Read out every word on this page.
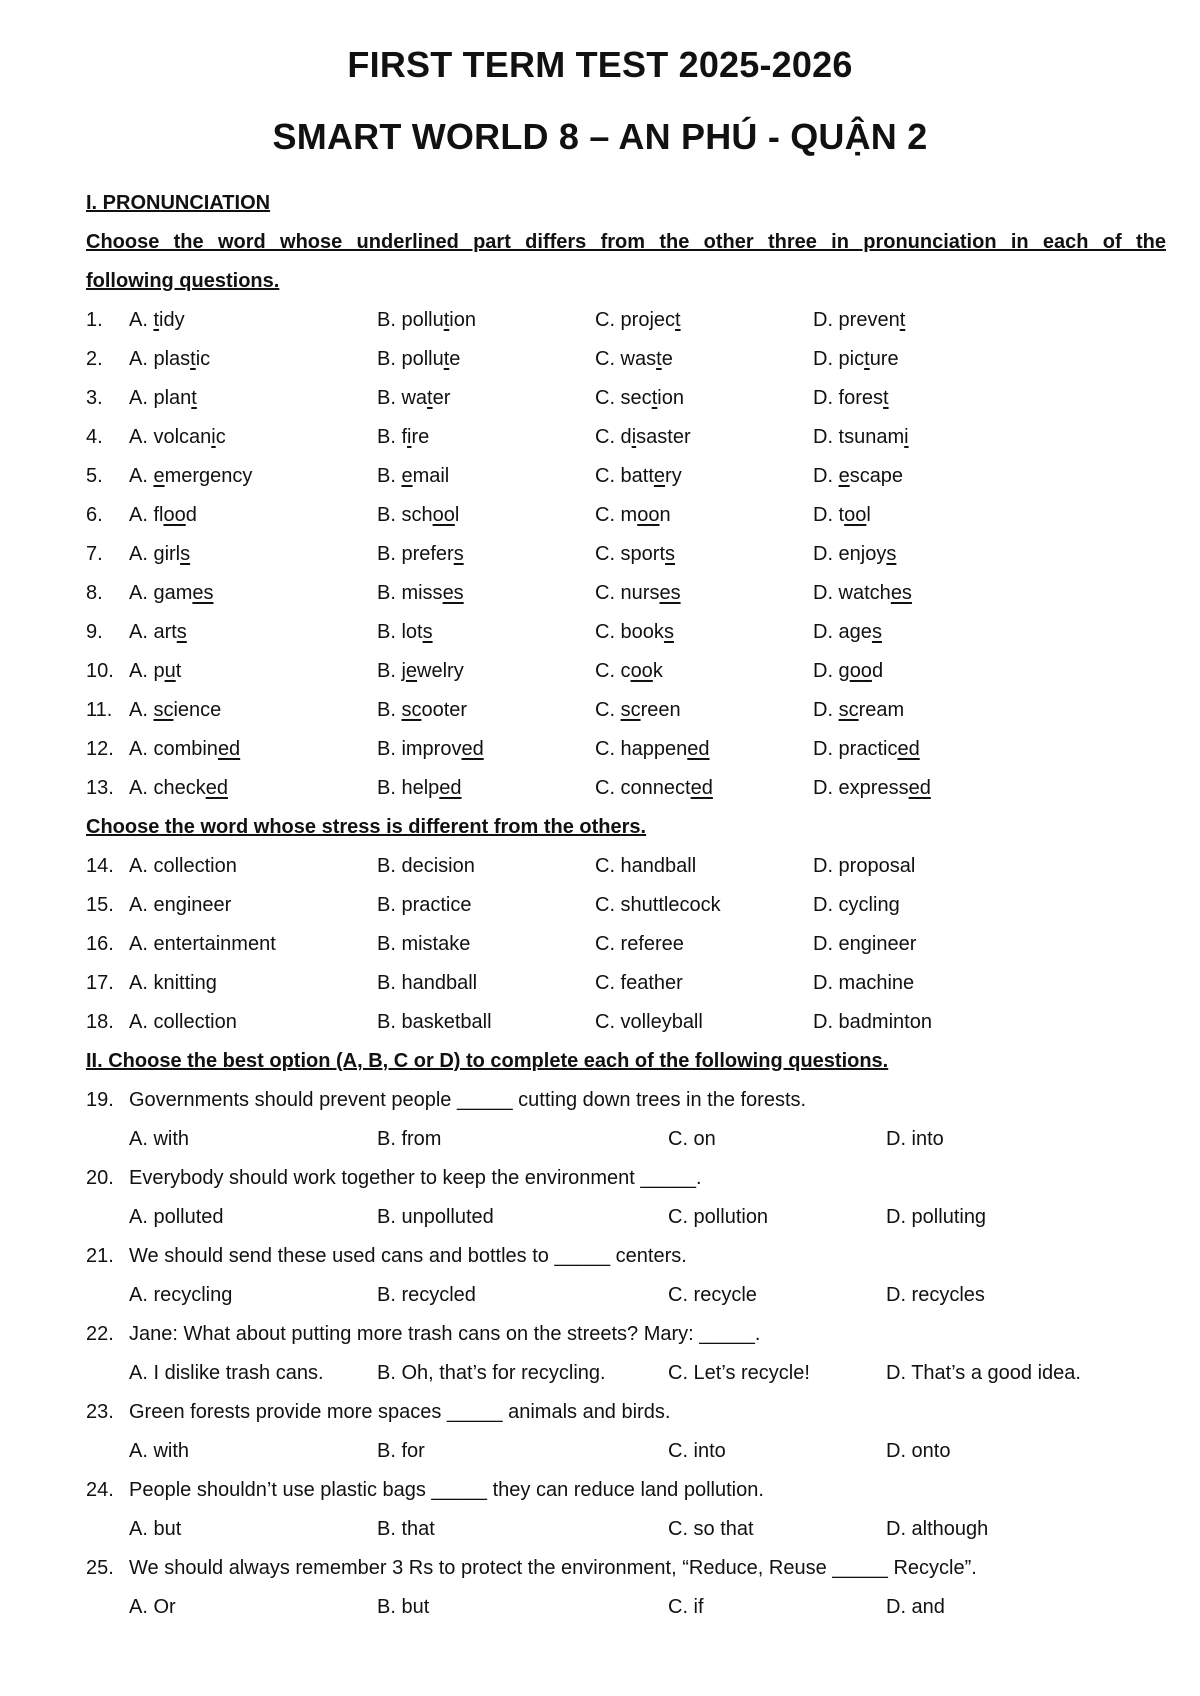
FIRST TERM TEST 2025-2026
SMART WORLD 8 – AN PHÚ - QUẬN 2
I. PRONUNCIATION
Choose the word whose underlined part differs from the other three in pronunciation in each of the
following questions.
1. A. tidy	B. pollution	C. project	D. prevent
2. A. plastic	B. pollute	C. waste	D. picture
3. A. plant	B. water	C. section	D. forest
4. A. volcanic	B. fire	C. disaster	D. tsunami
5. A. emergency	B. email	C. battery	D. escape
6. A. flood	B. school	C. moon	D. tool
7. A. girls	B. prefers	C. sports	D. enjoys
8. A. games	B. misses	C. nurses	D. watches
9. A. arts	B. lots	C. books	D. ages
10. A. put	B. jewelry	C. cook	D. good
11. A. science	B. scooter	C. screen	D. scream
12. A. combined	B. improved	C. happened	D. practiced
13. A. checked	B. helped	C. connected	D. expressed
Choose the word whose stress is different from the others.
14. A. collection	B. decision	C. handball	D. proposal
15. A. engineer	B. practice	C. shuttlecock	D. cycling
16. A. entertainment	B. mistake	C. referee	D. engineer
17. A. knitting	B. handball	C. feather	D. machine
18. A. collection	B. basketball	C. volleyball	D. badminton
II. Choose the best option (A, B, C or D) to complete each of the following questions.
19. Governments should prevent people _____ cutting down trees in the forests.
A. with	B. from	C. on	D. into
20. Everybody should work together to keep the environment _____.
A. polluted	B. unpolluted	C. pollution	D. polluting
21. We should send these used cans and bottles to _____ centers.
A. recycling	B. recycled	C. recycle	D. recycles
22. Jane: What about putting more trash cans on the streets? Mary: _____.
A. I dislike trash cans.	B. Oh, that’s for recycling.	C. Let’s recycle!	D. That’s a good idea.
23. Green forests provide more spaces _____ animals and birds.
A. with	B. for	C. into	D. onto
24. People shouldn’t use plastic bags _____ they can reduce land pollution.
A. but	B. that	C. so that	D. although
25. We should always remember 3 Rs to protect the environment, “Reduce, Reuse _____ Recycle”.
A. Or	B. but	C. if	D. and
